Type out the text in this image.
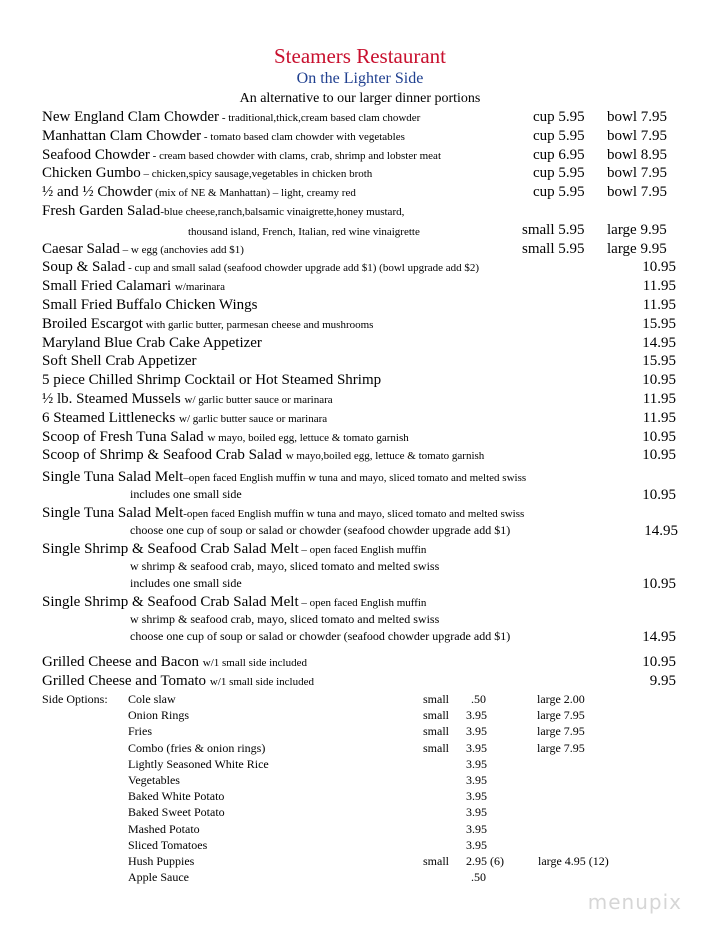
Steamers Restaurant
On the Lighter Side
An alternative to our larger dinner portions
New England Clam Chowder - traditional,thick,cream based clam chowder	cup 5.95 bowl 7.95
Manhattan Clam Chowder - tomato based clam chowder with vegetables	cup 5.95 bowl 7.95
Seafood Chowder - cream based chowder with clams, crab, shrimp and lobster meat	cup 6.95 bowl 8.95
Chicken Gumbo – chicken,spicy sausage,vegetables in chicken broth	cup 5.95 bowl 7.95
½ and ½ Chowder (mix of NE & Manhattan) – light, creamy red	cup 5.95 bowl 7.95
Fresh Garden Salad-blue cheese,ranch,balsamic vinaigrette,honey mustard,
thousand island, French, Italian, red wine vinaigrette	small 5.95 large 9.95
Caesar Salad – w egg (anchovies add $1)	small 5.95 large 9.95
Soup & Salad - cup and small salad (seafood chowder upgrade add $1) (bowl upgrade add $2)	10.95
Small Fried Calamari w/marinara	11.95
Small Fried Buffalo Chicken Wings	11.95
Broiled Escargot with garlic butter, parmesan cheese and mushrooms	15.95
Maryland Blue Crab Cake Appetizer	14.95
Soft Shell Crab Appetizer	15.95
5 piece Chilled Shrimp Cocktail or Hot Steamed Shrimp	10.95
½ lb. Steamed Mussels w/ garlic butter sauce or marinara	11.95
6 Steamed Littlenecks w/ garlic butter sauce or marinara	11.95
Scoop of Fresh Tuna Salad w mayo, boiled egg, lettuce & tomato garnish	10.95
Scoop of Shrimp & Seafood Crab Salad w mayo,boiled egg, lettuce & tomato garnish	10.95
Single Tuna Salad Melt–open faced English muffin w tuna and mayo, sliced tomato and melted swiss
includes one small side	10.95
Single Tuna Salad Melt-open faced English muffin w tuna and mayo, sliced tomato and melted swiss
choose one cup of soup or salad or chowder (seafood chowder upgrade add $1)	14.95
Single Shrimp & Seafood Crab Salad Melt – open faced English muffin
w shrimp & seafood crab, mayo, sliced tomato and melted swiss
includes one small side	10.95
Single Shrimp & Seafood Crab Salad Melt – open faced English muffin
w shrimp & seafood crab, mayo, sliced tomato and melted swiss
choose one cup of soup or salad or chowder (seafood chowder upgrade add $1)	14.95
Grilled Cheese and Bacon w/1 small side included	10.95
Grilled Cheese and Tomato w/1 small side included	9.95
Side Options: Cole slaw	small .50	large 2.00
Onion Rings	small 3.95	large 7.95
Fries	small 3.95	large 7.95
Combo (fries & onion rings)	small 3.95	large 7.95
Lightly Seasoned White Rice	3.95
Vegetables	3.95
Baked White Potato	3.95
Baked Sweet Potato	3.95
Mashed Potato	3.95
Sliced Tomatoes	3.95
Hush Puppies	small 2.95 (6)	large 4.95 (12)
Apple Sauce	.50
menupix
